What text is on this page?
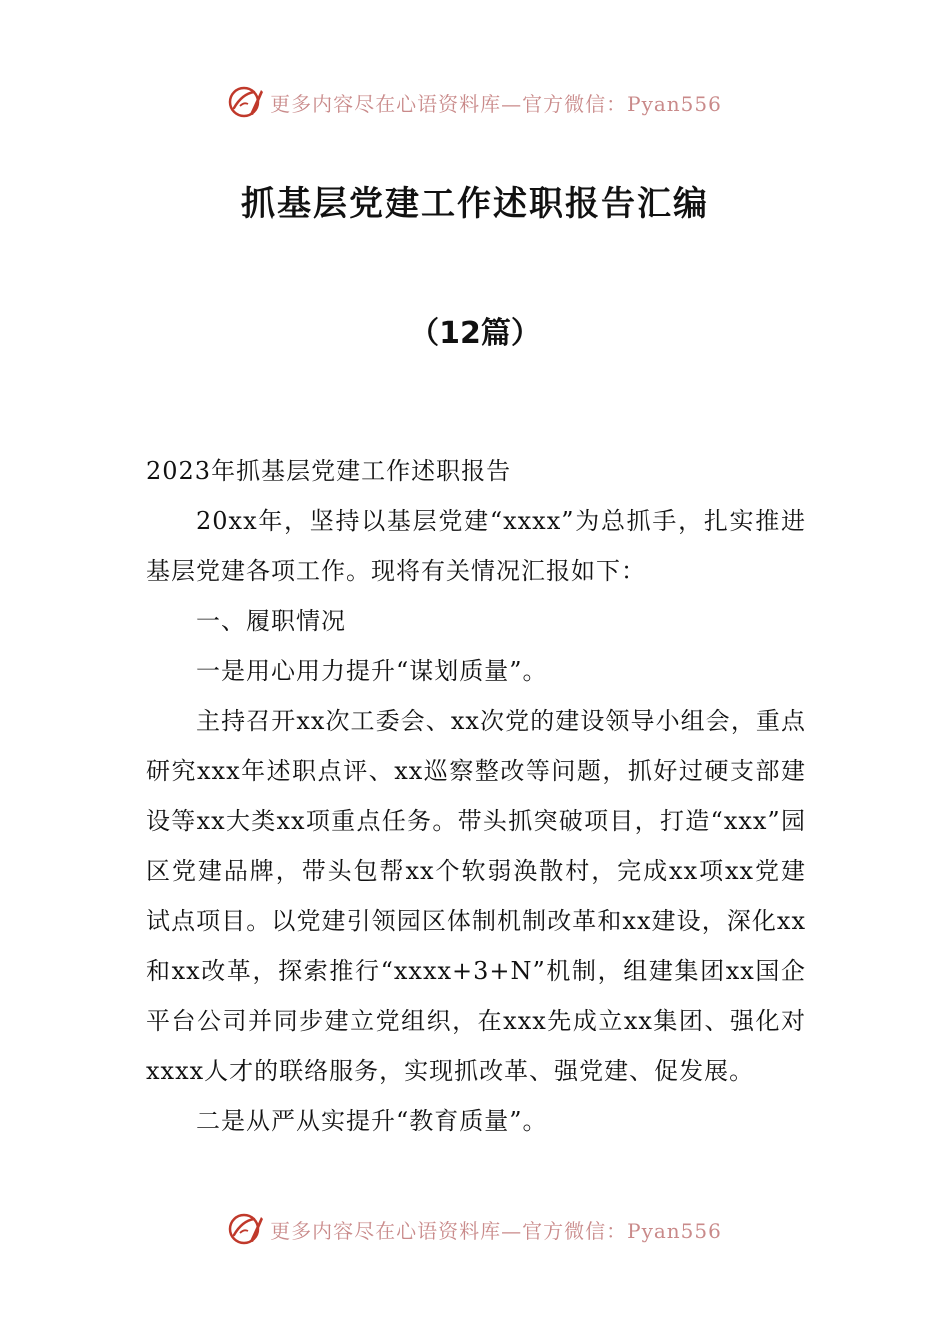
更多内容尽在心语资料库—官方微信：Pyan556
抓基层党建工作述职报告汇编
（12篇）

2023年抓基层党建工作述职报告

20xx年，坚持以基层党建“xxxx”为总抓手，扎实推进基层党建各项工作。现将有关情况汇报如下：

一、履职情况

一是用心用力提升“谋划质量”。

主持召开xx次工委会、xx次党的建设领导小组会，重点研究xxx年述职点评、xx巡察整改等问题，抓好过硬支部建设等xx大类xx项重点任务。带头抓突破项目，打造“xxx”园区党建品牌，带头包帮xx个软弱涣散村，完成xx项xx党建试点项目。以党建引领园区体制机制改革和xx建设，深化xx和xx改革，探索推行“xxxx+3+N”机制，组建集团xx国企平台公司并同步建立党组织，在xxx先成立xx集团、强化对xxxx人才的联络服务，实现抓改革、强党建、促发展。

二是从严从实提升“教育质量”。

更多内容尽在心语资料库—官方微信：Pyan556
